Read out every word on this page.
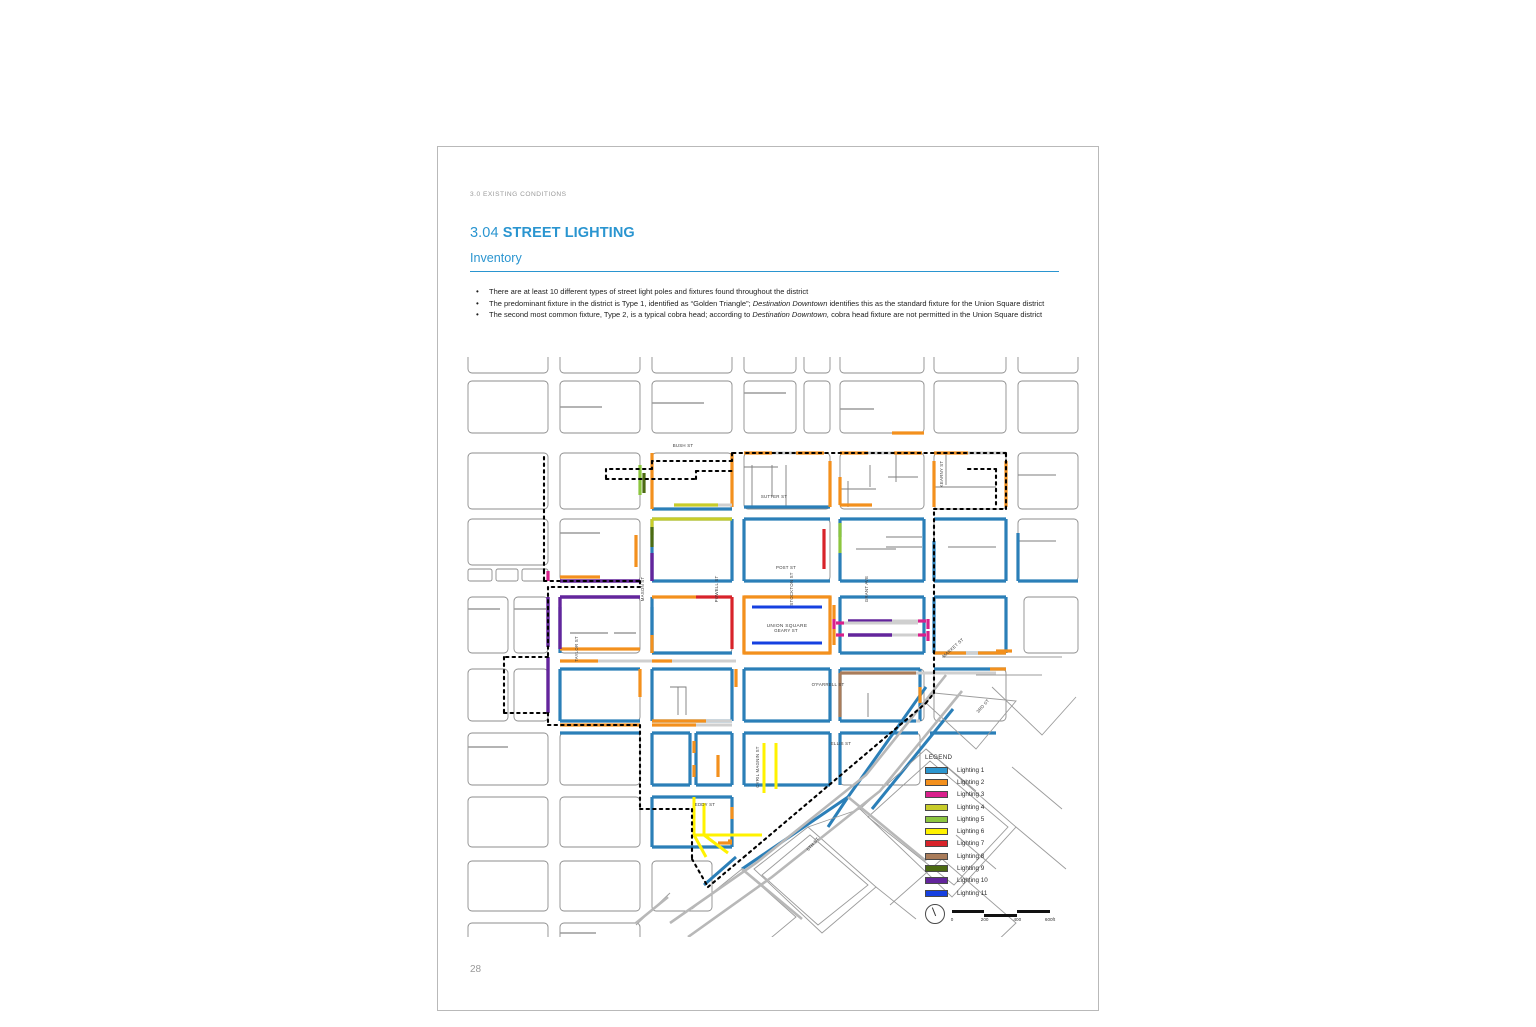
3.0 EXISTING CONDITIONS
3.04 STREET LIGHTING
Inventory
• There are at least 10 different types of street light poles and fixtures found throughout the district
• The predominant fixture in the district is Type 1, identified as “Golden Triangle”; Destination Downtown identifies this as the standard fixture for the Union Square district
• The second most common fixture, Type 2, is a typical cobra head; according to Destination Downtown, cobra head fixture are not permitted in the Union Square district
UNION SQUARE
BUSH ST
SUTTER ST
POST ST
GEARY ST
O'FARRELL ST
ELLIS ST
EDDY ST
TAYLOR ST
MASON ST	POWELL ST	STOCKTON ST	GRANT AVE
KEARNY ST
CYRIL MAGNIN ST
MARKET ST
3RD ST
5TH ST
LEGEND
Lighting 1
Lighting 2
Lighting 3
Lighting 4
Lighting 5
Lighting 6
Lighting 7
Lighting 8
Lighting 9
Lighting 10
Lighting 11
0	200	400	600ft
28
